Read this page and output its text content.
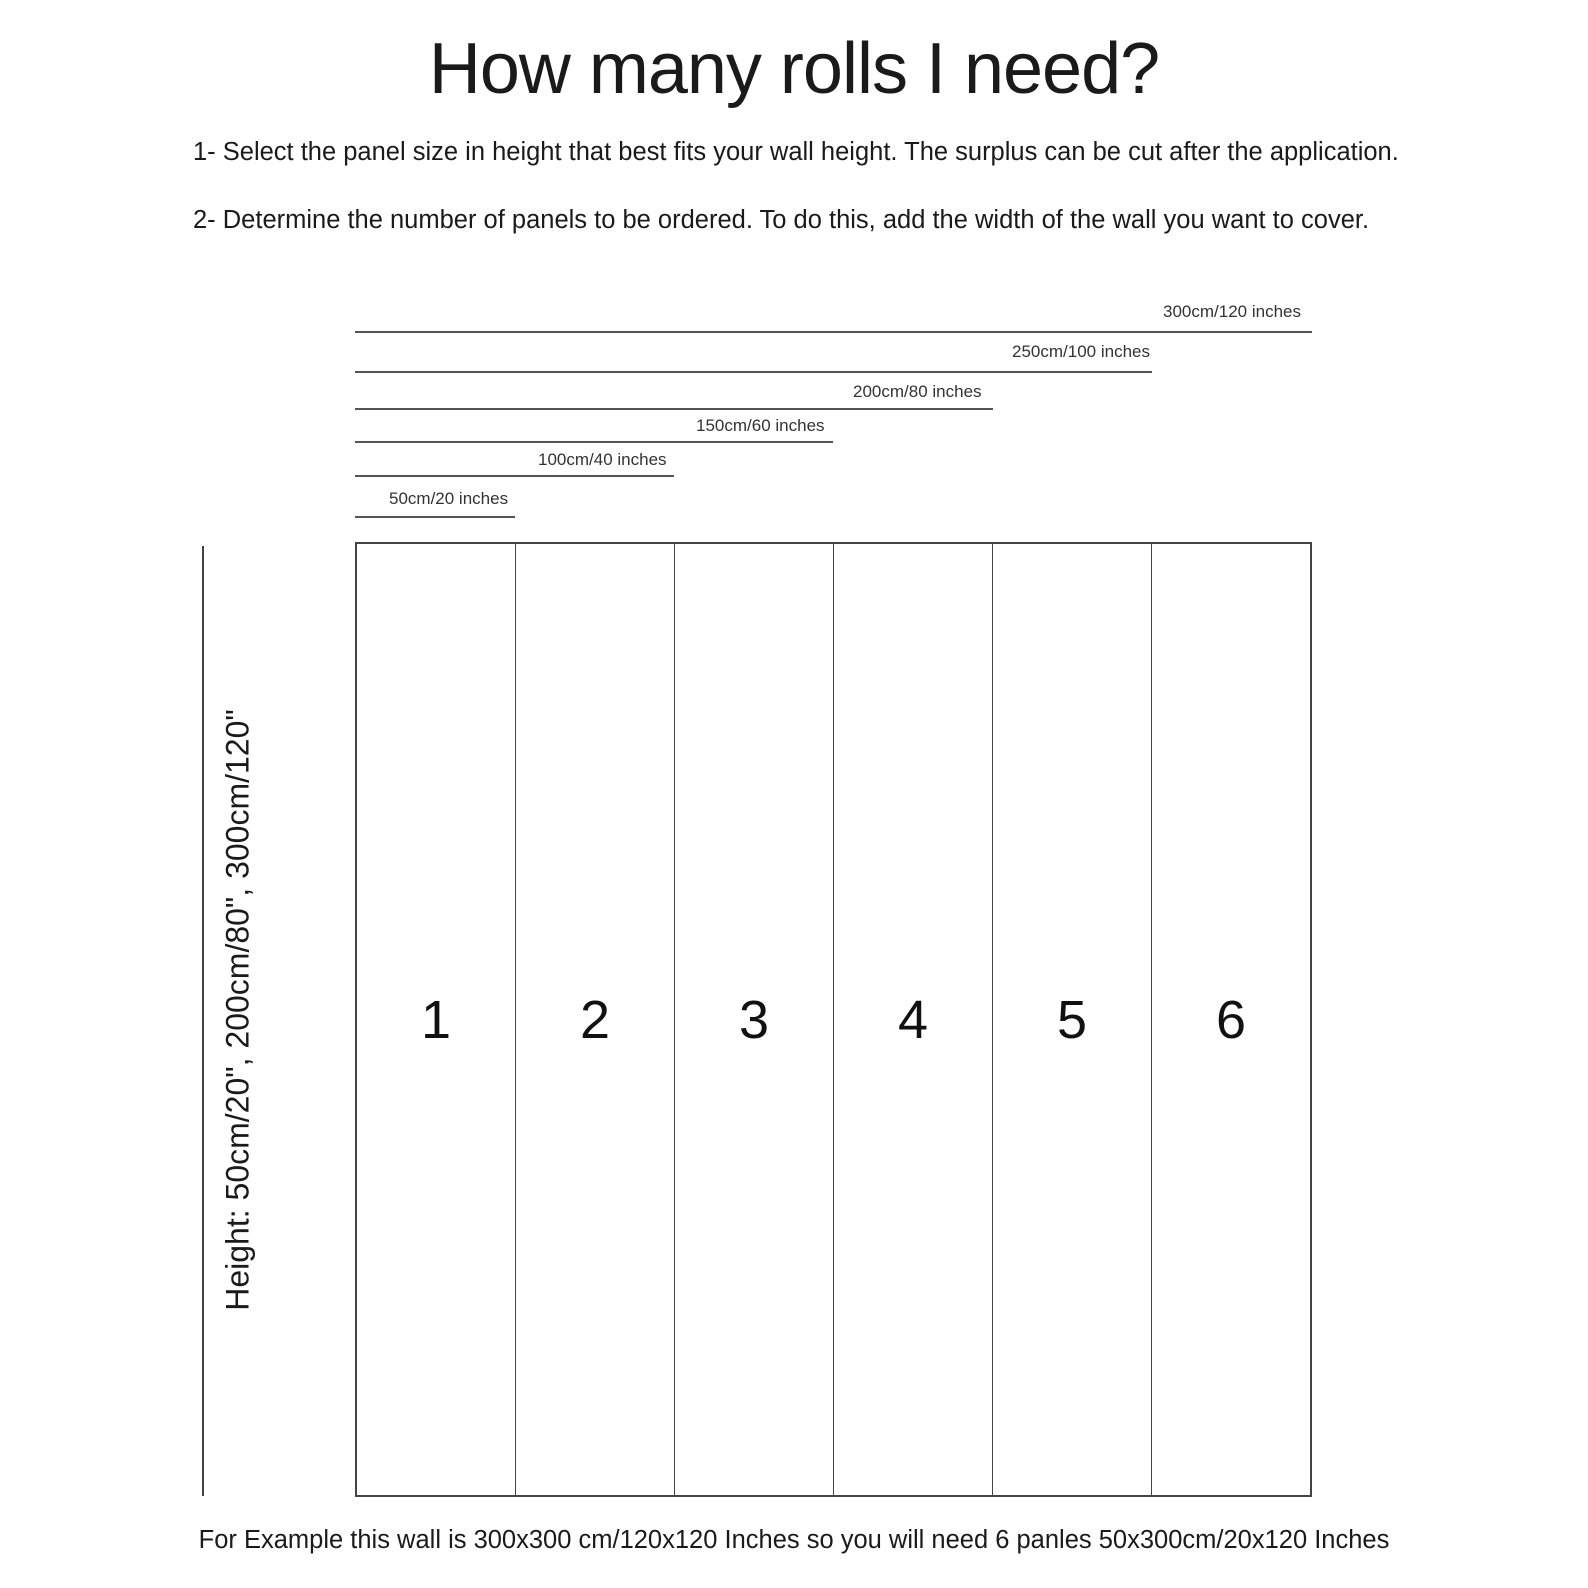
How many rolls I need?

1- Select the panel size in height that best fits your wall height. The surplus can be cut after the application.

2- Determine the number of panels to be ordered. To do this, add the width of the wall you want to cover.

300cm/120 inches
250cm/100 inches
200cm/80 inches
150cm/60 inches
100cm/40 inches
50cm/20 inches
Height: 50cm/20", 200cm/80", 300cm/120"	1	2	3	4	5	6

For Example this wall is 300x300 cm/120x120 Inches so you will need 6 panles 50x300cm/20x120 Inches
